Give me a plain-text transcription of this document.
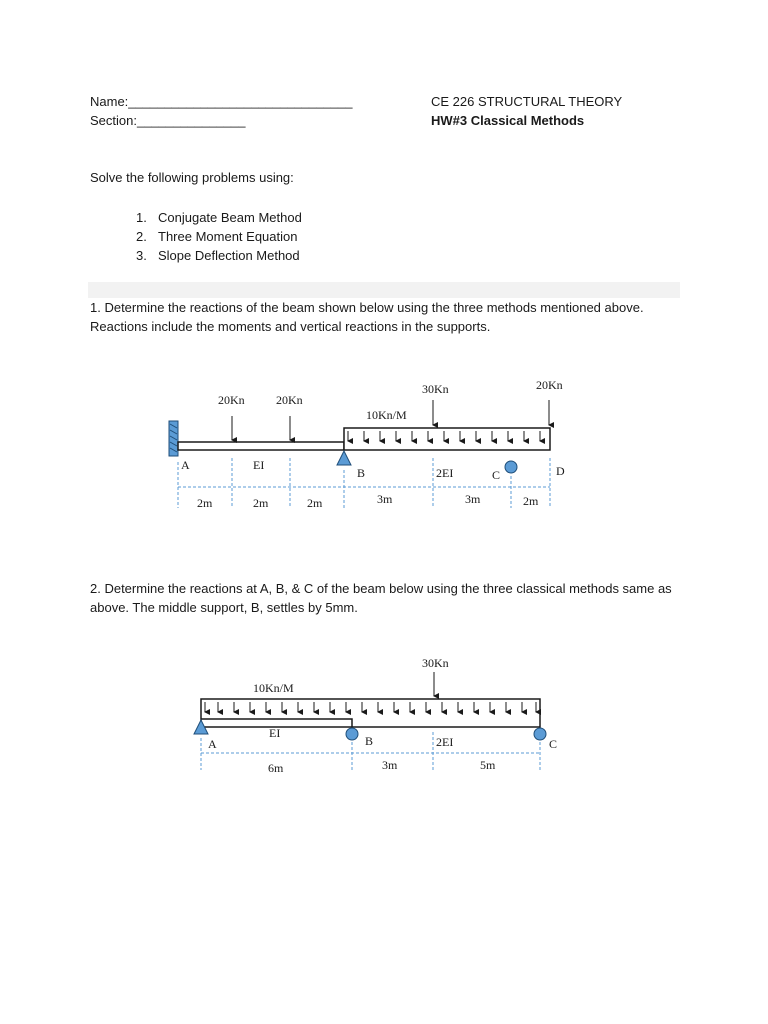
Name:_______________________________
Section:_______________
CE 226 STRUCTURAL THEORY
HW#3 Classical Methods
Solve the following problems using:
1. Conjugate Beam Method
2. Three Moment Equation
3. Slope Deflection Method
1. Determine the reactions of the beam shown below using the three methods mentioned above. Reactions include the moments and vertical reactions in the supports.
2. Determine the reactions at A, B, & C of the beam below using the three classical methods same as above. The middle support, B, settles by 5mm.
20Kn	20Kn
30Kn	20Kn
10Kn/M
A
B	C	D
EI
2EI
2m	2m	2m	3m	3m	2m
30Kn
10Kn/M
A	B	C
EI
2EI
6m	3m	5m
